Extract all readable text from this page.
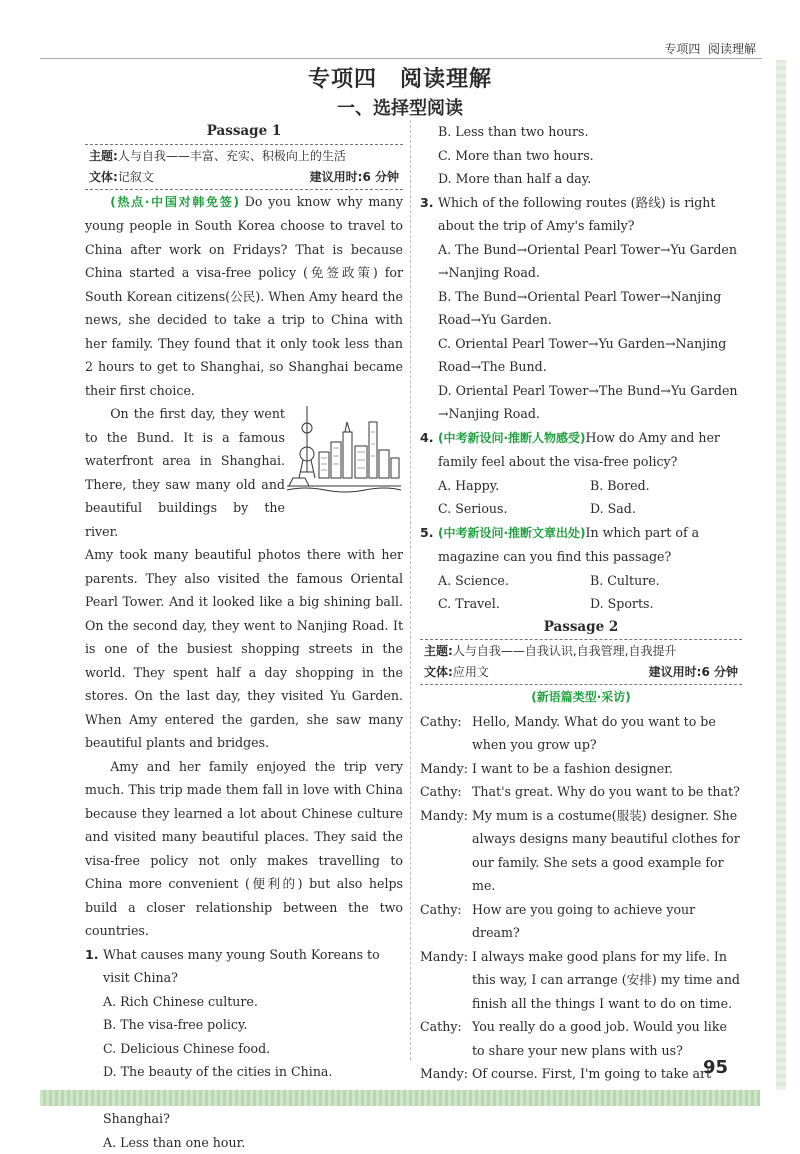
专项四 阅读理解
专项四　阅读理解
一、选择型阅读
Passage 1
主题:人与自我——丰富、充实、积极向上的生活
文体:记叙文	建议用时:6 分钟
(热点·中国对韩免签) Do you know why many young people in South Korea choose to travel to China after work on Fridays? That is because China started a visa-free policy (免签政策) for South Korean citizens(公民). When Amy heard the news, she decided to take a trip to China with her family. They found that it only took less than 2 hours to get to Shanghai, so Shanghai became their first choice.
On the first day, they went to the Bund. It is a famous waterfront area in Shanghai. There, they saw many old and beautiful buildings by the river.
Amy took many beautiful photos there with her parents. They also visited the famous Oriental Pearl Tower. And it looked like a big shining ball. On the second day, they went to Nanjing Road. It is one of the busiest shopping streets in the world. They spent half a day shopping in the stores. On the last day, they visited Yu Garden. When Amy entered the garden, she saw many beautiful plants and bridges.
Amy and her family enjoyed the trip very much. This trip made them fall in love with China because they learned a lot about Chinese culture and visited many beautiful places. They said the visa-free policy not only makes travelling to China more convenient (便利的) but also helps build a closer relationship between the two countries.
1. What causes many young South Koreans to visit China?
A. Rich Chinese culture.
B. The visa-free policy.
C. Delicious Chinese food.
D. The beauty of the cities in China.
Shanghai?
A. Less than one hour.
B. Less than two hours.
C. More than two hours.
D. More than half a day.
3. Which of the following routes (路线) is right about the trip of Amy's family?
A. The Bund→Oriental Pearl Tower→Yu Garden →Nanjing Road.
B. The Bund→Oriental Pearl Tower→Nanjing Road→Yu Garden.
C. Oriental Pearl Tower→Yu Garden→Nanjing Road→The Bund.
D. Oriental Pearl Tower→The Bund→Yu Garden →Nanjing Road.
4. (中考新设问·推断人物感受)How do Amy and her family feel about the visa-free policy?
A. Happy.	B. Bored.
C. Serious.	D. Sad.
5. (中考新设问·推断文章出处)In which part of a magazine can you find this passage?
A. Science.	B. Culture.
C. Travel.	D. Sports.
Passage 2
主题:人与自我——自我认识,自我管理,自我提升
文体:应用文	建议用时:6 分钟
(新语篇类型·采访)
Cathy: Hello, Mandy. What do you want to be when you grow up?
Mandy: I want to be a fashion designer.
Cathy: That's great. Why do you want to be that?
Mandy: My mum is a costume(服装) designer. She always designs many beautiful clothes for our family. She sets a good example for me.
Cathy: How are you going to achieve your dream?
Mandy: I always make good plans for my life. In this way, I can arrange (安排) my time and finish all the things I want to do on time.
Cathy: You really do a good job. Would you like to share your new plans with us?
Mandy: Of course. First, I'm going to take art
95
